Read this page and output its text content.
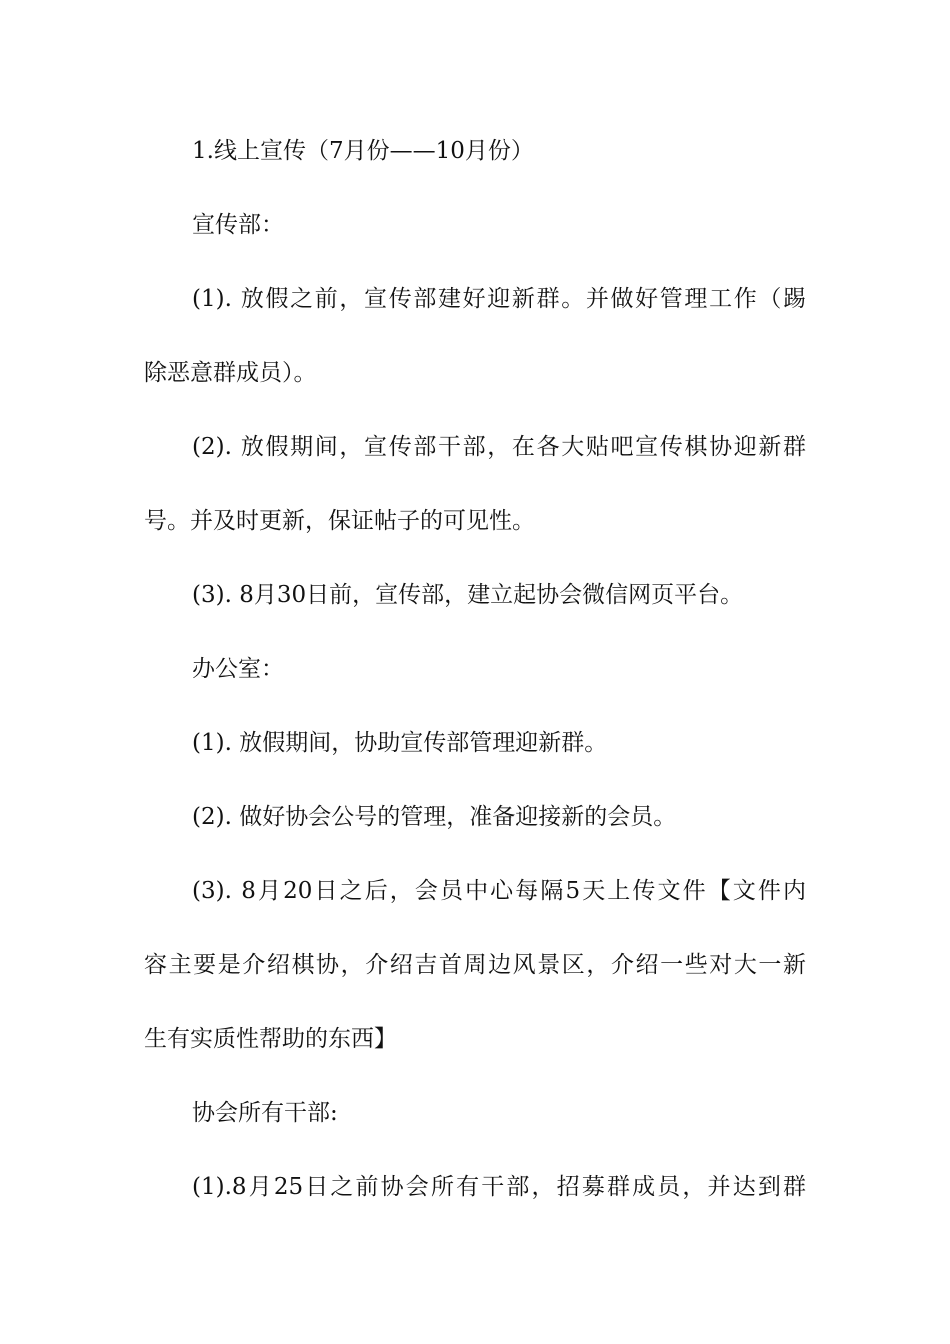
1.线上宣传（7月份——10月份）
宣传部：
(1). 放假之前，宣传部建好迎新群。并做好管理工作（踢
除恶意群成员）。
(2). 放假期间，宣传部干部，在各大贴吧宣传棋协迎新群
号。并及时更新，保证帖子的可见性。
(3). 8月30日前，宣传部，建立起协会微信网页平台。
办公室：
(1). 放假期间，协助宣传部管理迎新群。
(2). 做好协会公号的管理，准备迎接新的会员。
(3). 8月20日之后，会员中心每隔5天上传文件【文件内
容主要是介绍棋协，介绍吉首周边风景区，介绍一些对大一新
生有实质性帮助的东西】
协会所有干部:
(1).8月25日之前协会所有干部，招募群成员，并达到群
